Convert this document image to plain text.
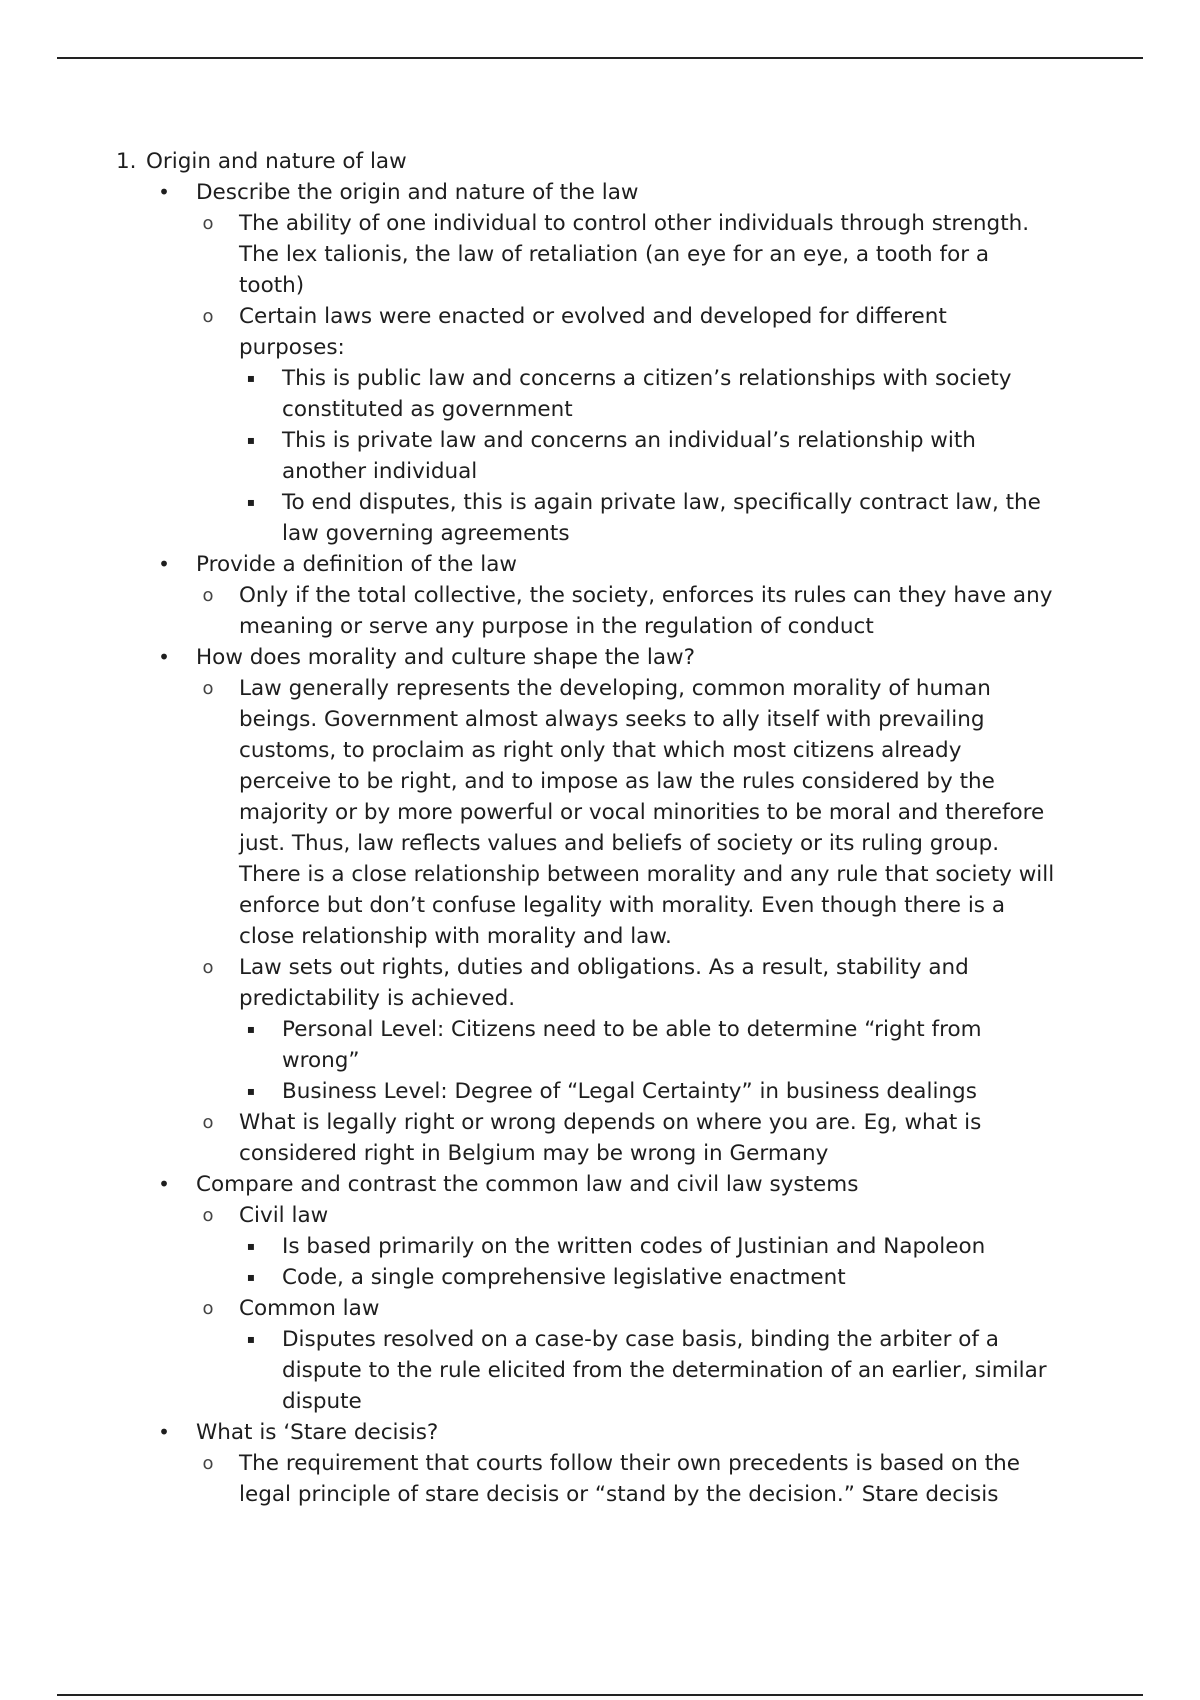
1. Origin and nature of law
• Describe the origin and nature of the law
o The ability of one individual to control other individuals through strength. The lex talionis, the law of retaliation (an eye for an eye, a tooth for a tooth)
o Certain laws were enacted or evolved and developed for different purposes:
▪ This is public law and concerns a citizen’s relationships with society constituted as government
▪ This is private law and concerns an individual’s relationship with another individual
▪ To end disputes, this is again private law, specifically contract law, the law governing agreements
• Provide a definition of the law
o Only if the total collective, the society, enforces its rules can they have any meaning or serve any purpose in the regulation of conduct
• How does morality and culture shape the law?
o Law generally represents the developing, common morality of human beings. Government almost always seeks to ally itself with prevailing customs, to proclaim as right only that which most citizens already perceive to be right, and to impose as law the rules considered by the majority or by more powerful or vocal minorities to be moral and therefore just. Thus, law reflects values and beliefs of society or its ruling group. There is a close relationship between morality and any rule that society will enforce but don’t confuse legality with morality. Even though there is a close relationship with morality and law.
o Law sets out rights, duties and obligations. As a result, stability and predictability is achieved.
▪ Personal Level: Citizens need to be able to determine “right from wrong”
▪ Business Level: Degree of “Legal Certainty” in business dealings
o What is legally right or wrong depends on where you are. Eg, what is considered right in Belgium may be wrong in Germany
• Compare and contrast the common law and civil law systems
o Civil law
▪ Is based primarily on the written codes of Justinian and Napoleon
▪ Code, a single comprehensive legislative enactment
o Common law
▪ Disputes resolved on a case-by case basis, binding the arbiter of a dispute to the rule elicited from the determination of an earlier, similar dispute
• What is ‘Stare decisis?
o The requirement that courts follow their own precedents is based on the legal principle of stare decisis or “stand by the decision.” Stare decisis
